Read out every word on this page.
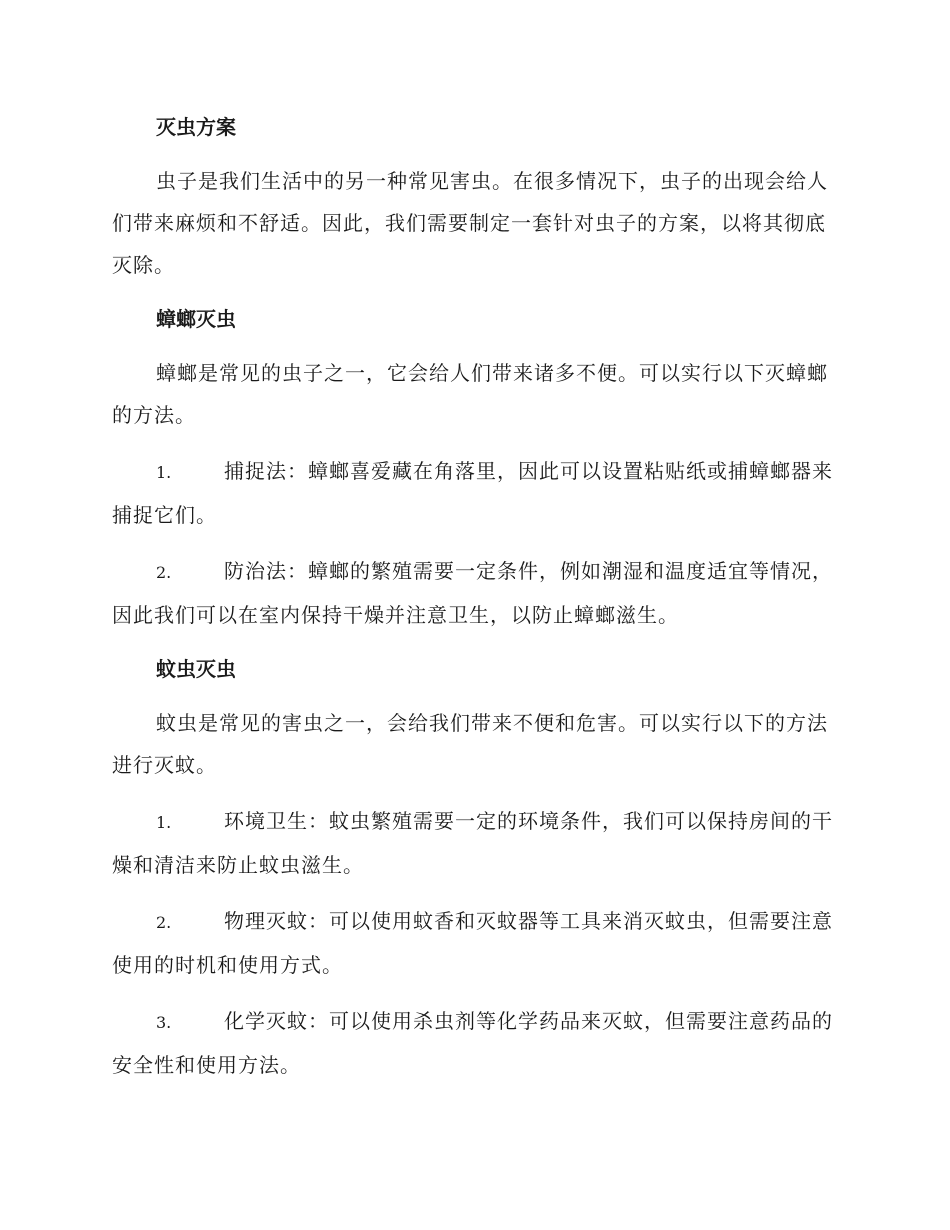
灭虫方案

虫子是我们生活中的另一种常见害虫。在很多情况下，虫子的出现会给人们带来麻烦和不舒适。因此，我们需要制定一套针对虫子的方案，以将其彻底灭除。

蟑螂灭虫

蟑螂是常见的虫子之一，它会给人们带来诸多不便。可以实行以下灭蟑螂的方法。

1.	捕捉法：蟑螂喜爱藏在角落里，因此可以设置粘贴纸或捕蟑螂器来捕捉它们。

2.	防治法：蟑螂的繁殖需要一定条件，例如潮湿和温度适宜等情况，因此我们可以在室内保持干燥并注意卫生，以防止蟑螂滋生。

蚊虫灭虫

蚊虫是常见的害虫之一，会给我们带来不便和危害。可以实行以下的方法进行灭蚊。

1.	环境卫生：蚊虫繁殖需要一定的环境条件，我们可以保持房间的干燥和清洁来防止蚊虫滋生。

2.	物理灭蚊：可以使用蚊香和灭蚊器等工具来消灭蚊虫，但需要注意使用的时机和使用方式。

3.	化学灭蚊：可以使用杀虫剂等化学药品来灭蚊，但需要注意药品的安全性和使用方法。
